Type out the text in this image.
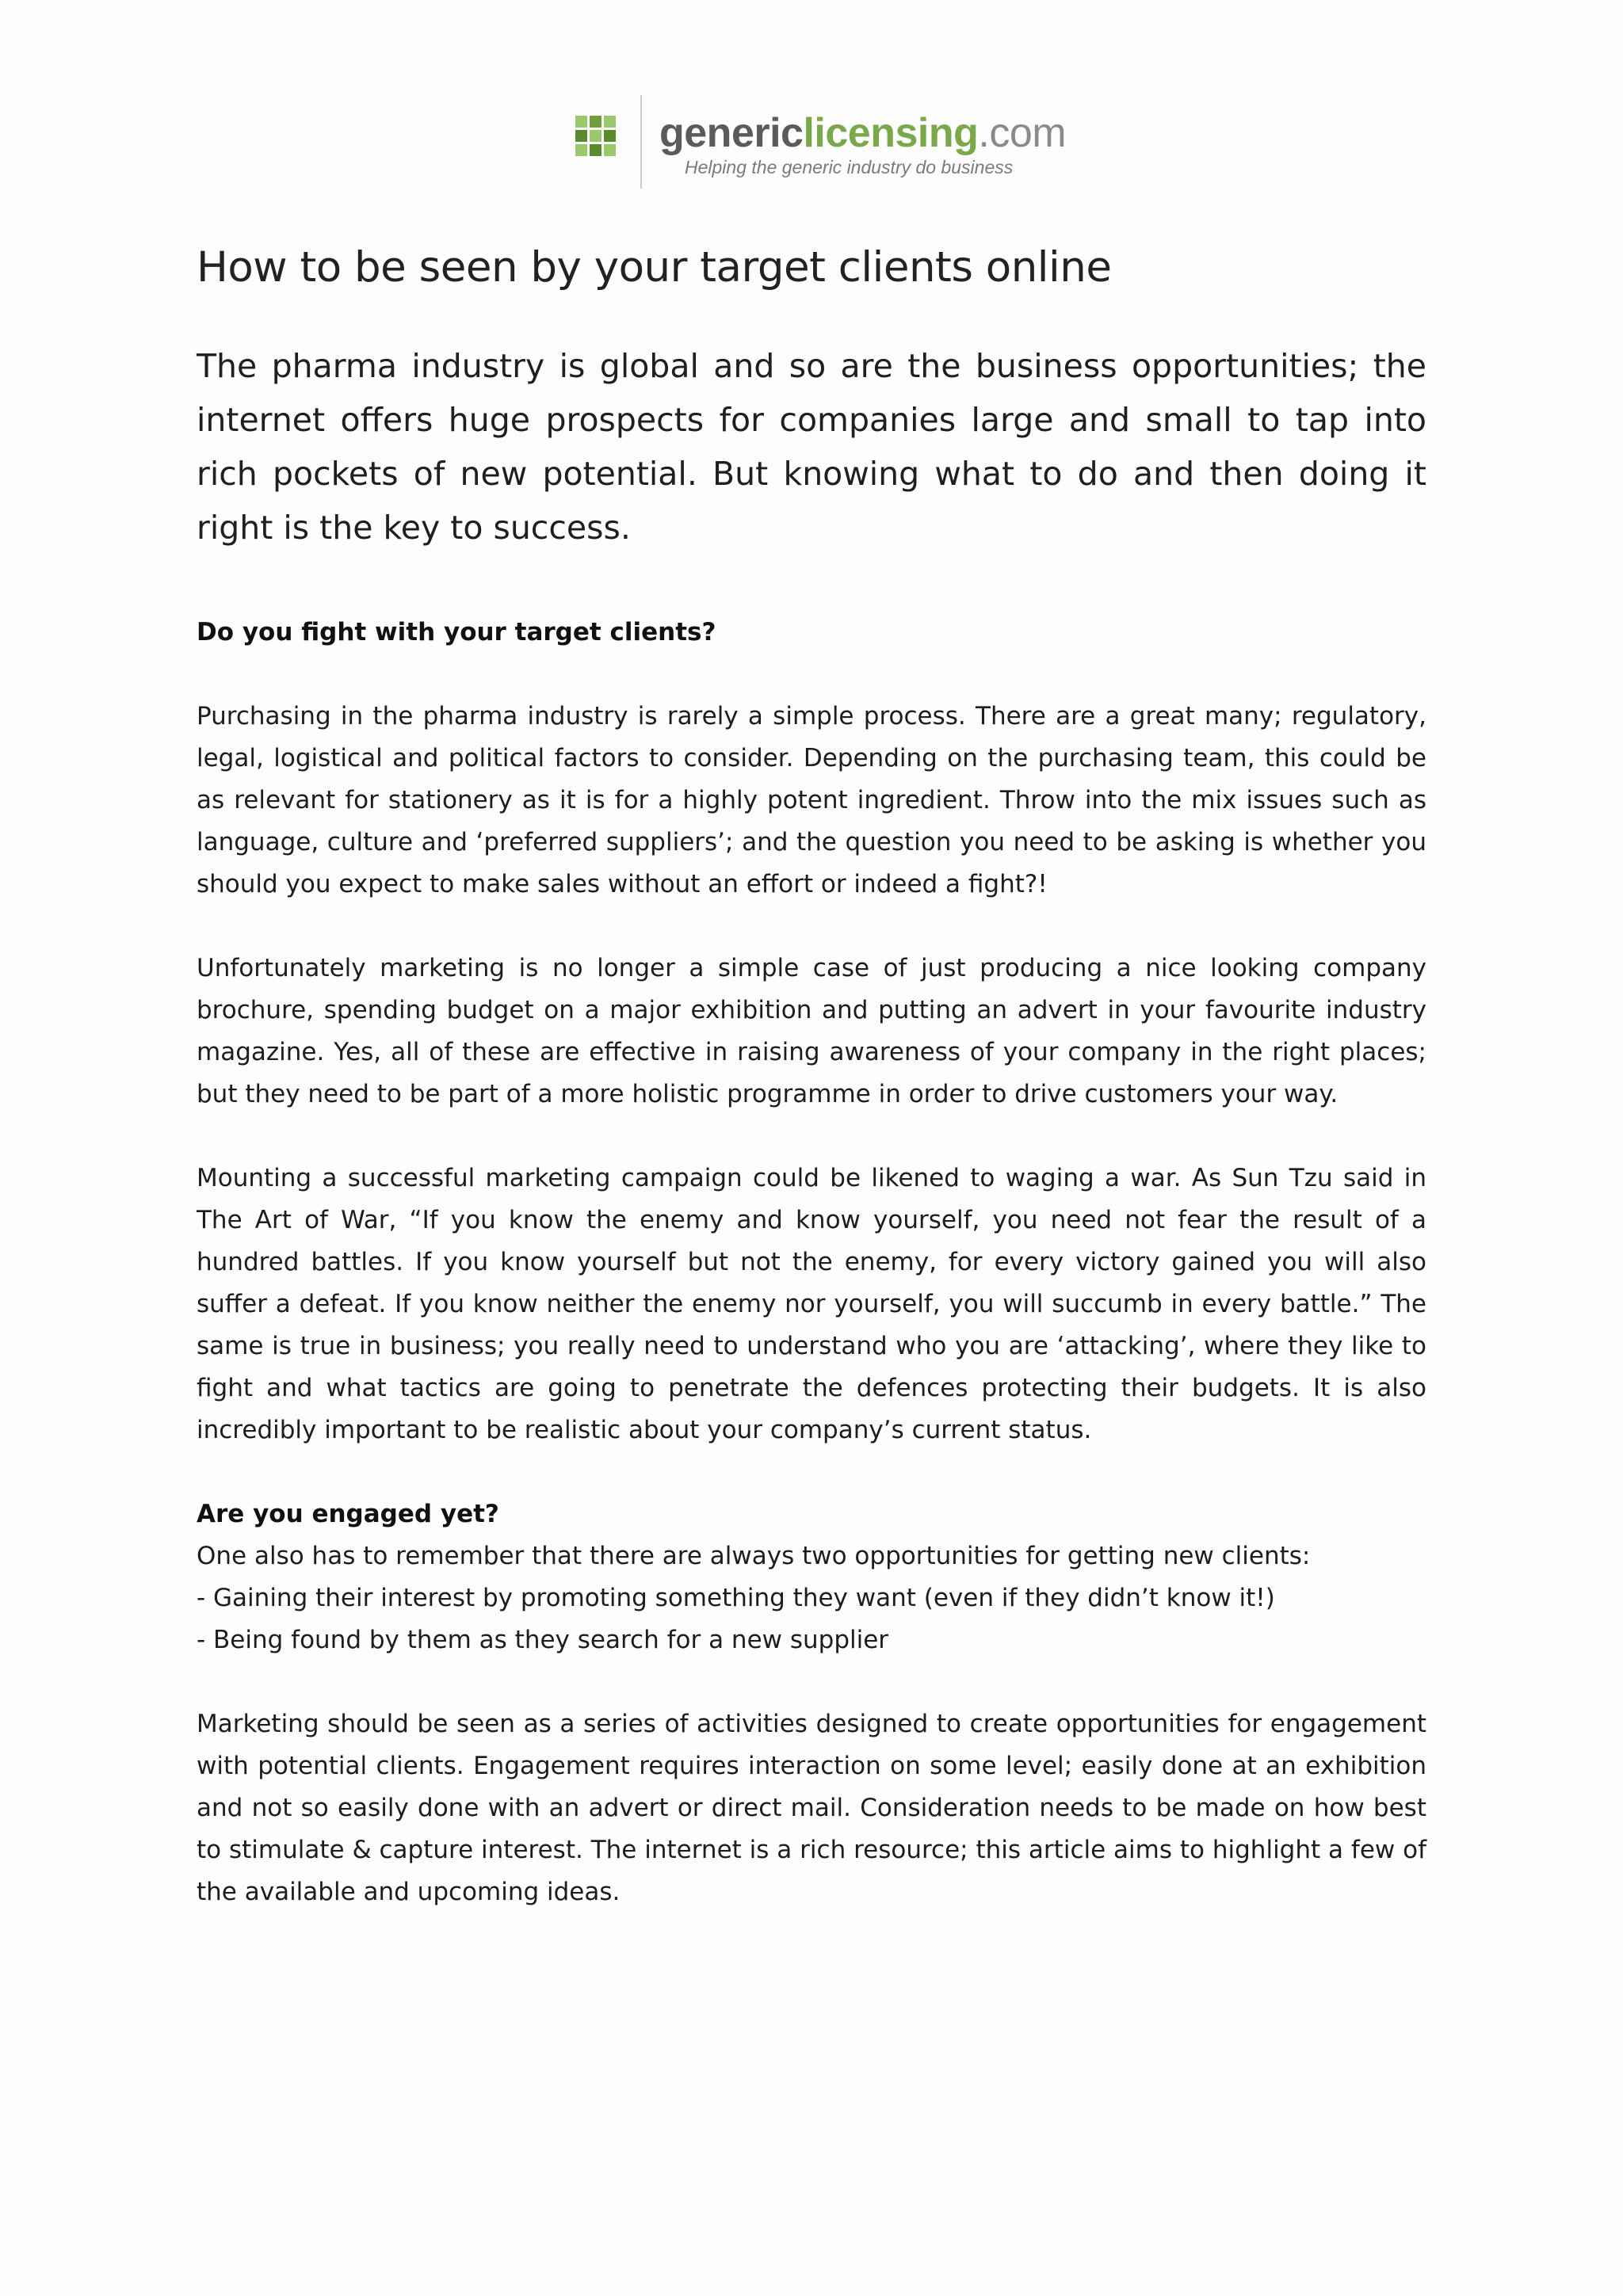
genericlicensing.com
Helping the generic industry do business
How to be seen by your target clients online

The pharma industry is global and so are the business opportunities; the internet offers huge prospects for companies large and small to tap into rich pockets of new potential. But knowing what to do and then doing it right is the key to success.

Do you fight with your target clients?

Purchasing in the pharma industry is rarely a simple process. There are a great many; regulatory, legal, logistical and political factors to consider. Depending on the purchasing team, this could be as relevant for stationery as it is for a highly potent ingredient. Throw into the mix issues such as language, culture and ‘preferred suppliers’; and the question you need to be asking is whether you should you expect to make sales without an effort or indeed a fight?!

Unfortunately marketing is no longer a simple case of just producing a nice looking company brochure, spending budget on a major exhibition and putting an advert in your favourite industry magazine. Yes, all of these are effective in raising awareness of your company in the right places; but they need to be part of a more holistic programme in order to drive customers your way.

Mounting a successful marketing campaign could be likened to waging a war. As Sun Tzu said in The Art of War, “If you know the enemy and know yourself, you need not fear the result of a hundred battles. If you know yourself but not the enemy, for every victory gained you will also suffer a defeat. If you know neither the enemy nor yourself, you will succumb in every battle.” The same is true in business; you really need to understand who you are ‘attacking’, where they like to fight and what tactics are going to penetrate the defences protecting their budgets. It is also incredibly important to be realistic about your company’s current status.

Are you engaged yet?

One also has to remember that there are always two opportunities for getting new clients:

- Gaining their interest by promoting something they want (even if they didn’t know it!)

- Being found by them as they search for a new supplier

Marketing should be seen as a series of activities designed to create opportunities for engagement with potential clients. Engagement requires interaction on some level; easily done at an exhibition and not so easily done with an advert or direct mail. Consideration needs to be made on how best to stimulate & capture interest. The internet is a rich resource; this article aims to highlight a few of the available and upcoming ideas.
